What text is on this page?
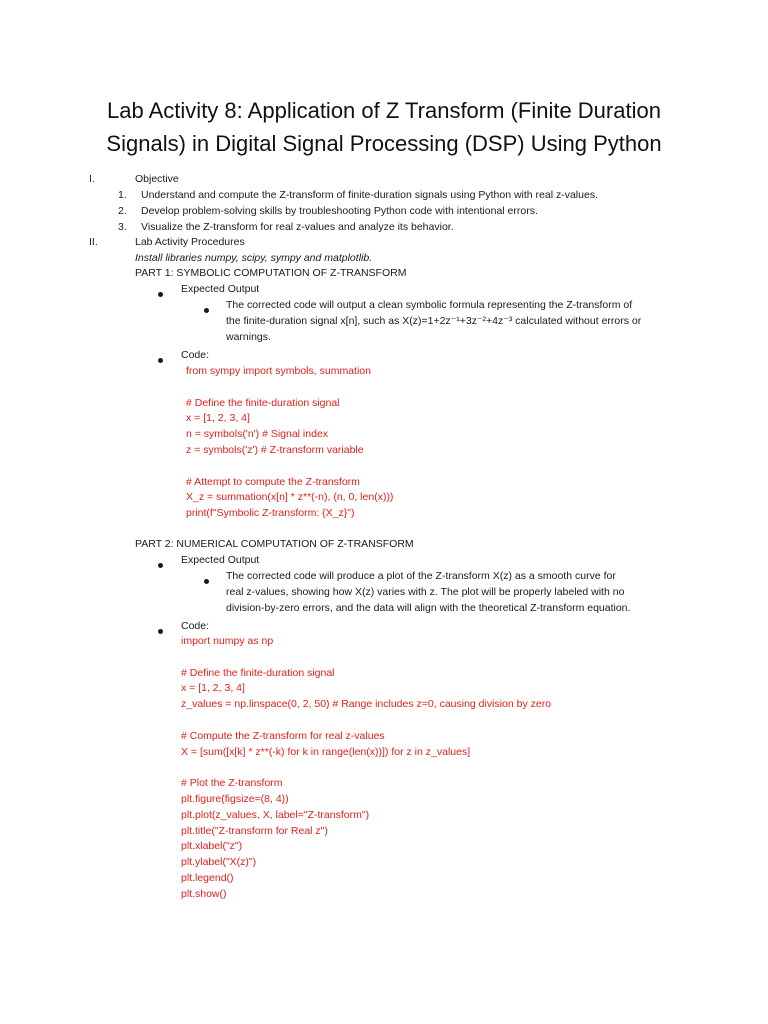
Lab Activity 8: Application of Z Transform (Finite Duration
Signals) in Digital Signal Processing (DSP) Using Python
I.	Objective
1. Understand and compute the Z-transform of finite-duration signals using Python with real z-values.
2. Develop problem-solving skills by troubleshooting Python code with intentional errors.
3. Visualize the Z-transform for real z-values and analyze its behavior.
II.	Lab Activity Procedures
Install libraries numpy, scipy, sympy and matplotlib.
PART 1: SYMBOLIC COMPUTATION OF Z-TRANSFORM
Expected Output
The corrected code will output a clean symbolic formula representing the Z-transform of
the finite-duration signal x[n], such as X(z)=1+2z⁻¹+3z⁻²+4z⁻³ calculated without errors or
warnings.
Code:
from sympy import symbols, summation
# Define the finite-duration signal
x = [1, 2, 3, 4]
n = symbols('n') # Signal index
z = symbols('z') # Z-transform variable
# Attempt to compute the Z-transform
X_z = summation(x[n] * z**(-n), (n, 0, len(x)))
print(f"Symbolic Z-transform: {X_z}")
PART 2: NUMERICAL COMPUTATION OF Z-TRANSFORM
Expected Output
The corrected code will produce a plot of the Z-transform X(z) as a smooth curve for
real z-values, showing how X(z) varies with z. The plot will be properly labeled with no
division-by-zero errors, and the data will align with the theoretical Z-transform equation.
Code:
import numpy as np
# Define the finite-duration signal
x = [1, 2, 3, 4]
z_values = np.linspace(0, 2, 50) # Range includes z=0, causing division by zero
# Compute the Z-transform for real z-values
X = [sum([x[k] * z**(-k) for k in range(len(x))]) for z in z_values]
# Plot the Z-transform
plt.figure(figsize=(8, 4))
plt.plot(z_values, X, label="Z-transform")
plt.title("Z-transform for Real z")
plt.xlabel("z")
plt.ylabel("X(z)")
plt.legend()
plt.show()
